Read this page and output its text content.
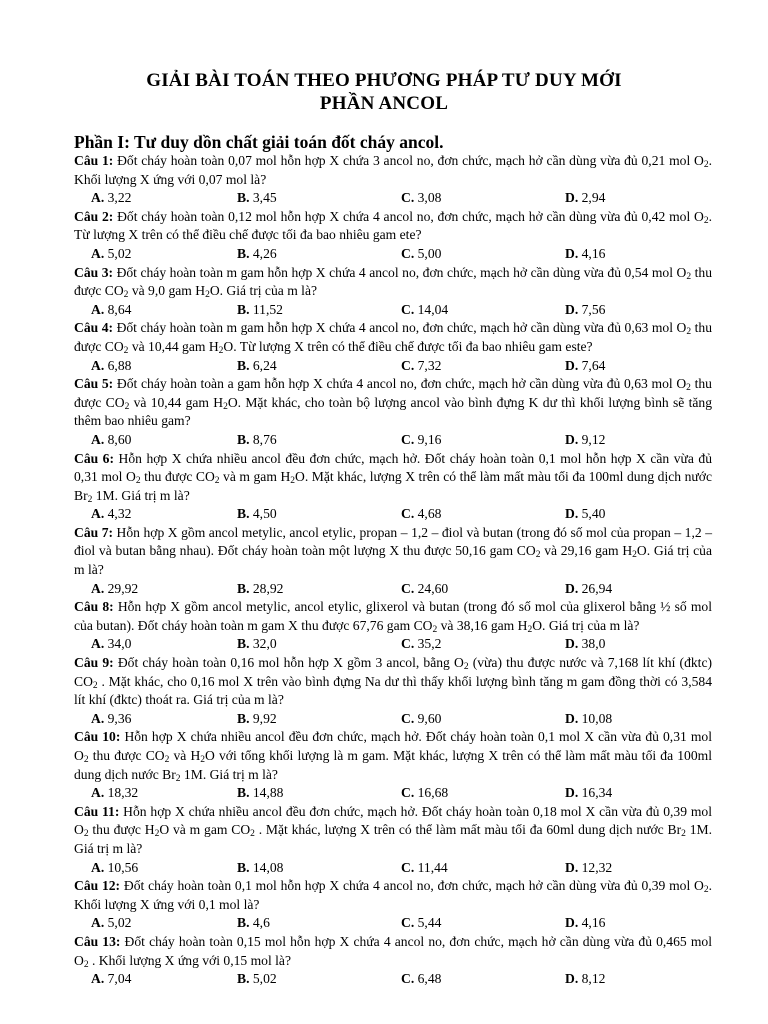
GIẢI BÀI TOÁN THEO PHƯƠNG PHÁP TƯ DUY MỚI
PHẦN ANCOL
Phần I: Tư duy dồn chất giải toán đốt cháy ancol.
Câu 1: Đốt cháy hoàn toàn 0,07 mol hỗn hợp X chứa 3 ancol no, đơn chức, mạch hở cần dùng vừa đủ 0,21 mol $O_2$. Khối lượng X ứng với 0,07 mol là?
A. 3,22	B. 3,45	C. 3,08	D. 2,94
Câu 2: Đốt cháy hoàn toàn 0,12 mol hỗn hợp X chứa 4 ancol no, đơn chức, mạch hở cần dùng vừa đủ 0,42 mol $O_2$. Từ lượng X trên có thể điều chế được tối đa bao nhiêu gam ete?
A. 5,02	B. 4,26	C. 5,00	D. 4,16
Câu 3: Đốt cháy hoàn toàn m gam hỗn hợp X chứa 4 ancol no, đơn chức, mạch hở cần dùng vừa đủ 0,54 mol $O_2$ thu được $CO_2$ và 9,0 gam $H_2O$. Giá trị của m là?
A. 8,64	B. 11,52	C. 14,04	D. 7,56
Câu 4: Đốt cháy hoàn toàn m gam hỗn hợp X chứa 4 ancol no, đơn chức, mạch hở cần dùng vừa đủ 0,63 mol $O_2$ thu được $CO_2$ và 10,44 gam $H_2O$. Từ lượng X trên có thể điều chế được tối đa bao nhiêu gam este?
A. 6,88	B. 6,24	C. 7,32	D. 7,64
Câu 5: Đốt cháy hoàn toàn a gam hỗn hợp X chứa 4 ancol no, đơn chức, mạch hở cần dùng vừa đủ 0,63 mol $O_2$ thu được $CO_2$ và 10,44 gam $H_2O$. Mặt khác, cho toàn bộ lượng ancol vào bình đựng K dư thì khối lượng bình sẽ tăng thêm bao nhiêu gam?
A. 8,60	B. 8,76	C. 9,16	D. 9,12
Câu 6: Hỗn hợp X chứa nhiều ancol đều đơn chức, mạch hở. Đốt cháy hoàn toàn 0,1 mol hỗn hợp X cần vừa đủ 0,31 mol $O_2$ thu được $CO_2$ và m gam $H_2O$. Mặt khác, lượng X trên có thể làm mất màu tối đa 100ml dung dịch nước $Br_2$ 1M. Giá trị m là?
A. 4,32	B. 4,50	C. 4,68	D. 5,40
Câu 7: Hỗn hợp X gồm ancol metylic, ancol etylic, propan – 1,2 – điol và butan (trong đó số mol của propan – 1,2 – điol và butan bằng nhau). Đốt cháy hoàn toàn một lượng X thu được 50,16 gam $CO_2$ và 29,16 gam $H_2O$. Giá trị của m là?
A. 29,92	B. 28,92	C. 24,60	D. 26,94
Câu 8: Hỗn hợp X gồm ancol metylic, ancol etylic, glixerol và butan (trong đó số mol của glixerol bằng ½ số mol của butan). Đốt cháy hoàn toàn m gam X thu được 67,76 gam $CO_2$ và 38,16 gam $H_2O$. Giá trị của m là?
A. 34,0	B. 32,0	C. 35,2	D. 38,0
Câu 9: Đốt cháy hoàn toàn 0,16 mol hỗn hợp X gồm 3 ancol, bằng $O_2$ (vừa) thu được nước và 7,168 lít khí (đktc) $CO_2$ . Mặt khác, cho 0,16 mol X trên vào bình đựng Na dư thì thấy khối lượng bình tăng m gam đồng thời có 3,584 lít khí (đktc) thoát ra. Giá trị của m là?
A. 9,36	B. 9,92	C. 9,60	D. 10,08
Câu 10: Hỗn hợp X chứa nhiều ancol đều đơn chức, mạch hở. Đốt cháy hoàn toàn 0,1 mol X cần vừa đủ 0,31 mol $O_2$ thu được $CO_2$ và $H_2O$ với tổng khối lượng là m gam. Mặt khác, lượng X trên có thể làm mất màu tối đa 100ml dung dịch nước $Br_2$ 1M. Giá trị m là?
A. 18,32	B. 14,88	C. 16,68	D. 16,34
Câu 11: Hỗn hợp X chứa nhiều ancol đều đơn chức, mạch hở. Đốt cháy hoàn toàn 0,18 mol X cần vừa đủ 0,39 mol $O_2$ thu được $H_2O$ và m gam $CO_2$ . Mặt khác, lượng X trên có thể làm mất màu tối đa 60ml dung dịch nước $Br_2$ 1M. Giá trị m là?
A. 10,56	B. 14,08	C. 11,44	D. 12,32
Câu 12: Đốt cháy hoàn toàn 0,1 mol hỗn hợp X chứa 4 ancol no, đơn chức, mạch hở cần dùng vừa đủ 0,39 mol $O_2$. Khối lượng X ứng với 0,1 mol là?
A. 5,02	B. 4,6	C. 5,44	D. 4,16
Câu 13: Đốt cháy hoàn toàn 0,15 mol hỗn hợp X chứa 4 ancol no, đơn chức, mạch hở cần dùng vừa đủ 0,465 mol $O_2$ . Khối lượng X ứng với 0,15 mol là?
A. 7,04	B. 5,02	C. 6,48	D. 8,12
